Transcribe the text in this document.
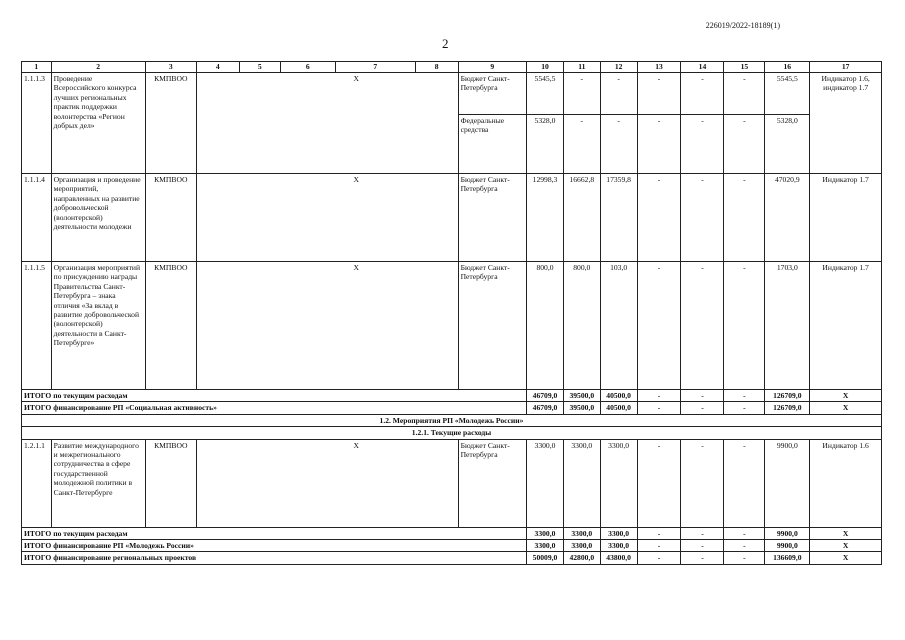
226019/2022-18189(1)
2
1	2	3	4	5	6	7	8	9	10	11	12	13	14	15	16	17
1.1.1.3	Проведение Всероссийского конкурса лучших региональных практик поддержки волонтерства «Регион добрых дел»	КМПВОО	X					Бюджет Санкт-Петербурга	5545,5	-	-	-	-	-	5545,5	Индикатор 1.6, индикатор 1.7
								Федеральные средства	5328,0	-	-	-	-	-	5328,0	
1.1.1.4	Организация и проведение мероприятий, направленных на развитие добровольческой (волонтерской) деятельности молодежи	КМПВОО	X					Бюджет Санкт-Петербурга	12998,3	16662,8	17359,8	-	-	-	47020,9	Индикатор 1.7
1.1.1.5	Организация мероприятий по присуждению награды Правительства Санкт-Петербурга – знака отличия «За вклад в развитие добровольческой (волонтерской) деятельности в Санкт-Петербурге»	КМПВОО	X					Бюджет Санкт-Петербурга	800,0	800,0	103,0	-	-	-	1703,0	Индикатор 1.7
ИТОГО по текущим расходам									46709,0	39500,0	40500,0	-	-	-	126709,0	X
ИТОГО финансирование РП «Социальная активность»									46709,0	39500,0	40500,0	-	-	-	126709,0	X
1.2. Мероприятия РП «Молодежь России»																
1.2.1. Текущие расходы																
1.2.1.1	Развитие международного и межрегионального сотрудничества в сфере государственной молодежной политики в Санкт-Петербурге	КМПВОО	X					Бюджет Санкт-Петербурга	3300,0	3300,0	3300,0	-	-	-	9900,0	Индикатор 1.6
ИТОГО по текущим расходам									3300,0	3300,0	3300,0	-	-	-	9900,0	X
ИТОГО финансирование РП «Молодежь России»									3300,0	3300,0	3300,0	-	-	-	9900,0	X
ИТОГО финансирование региональных проектов									50009,0	42800,0	43800,0	-	-	-	136609,0	X
